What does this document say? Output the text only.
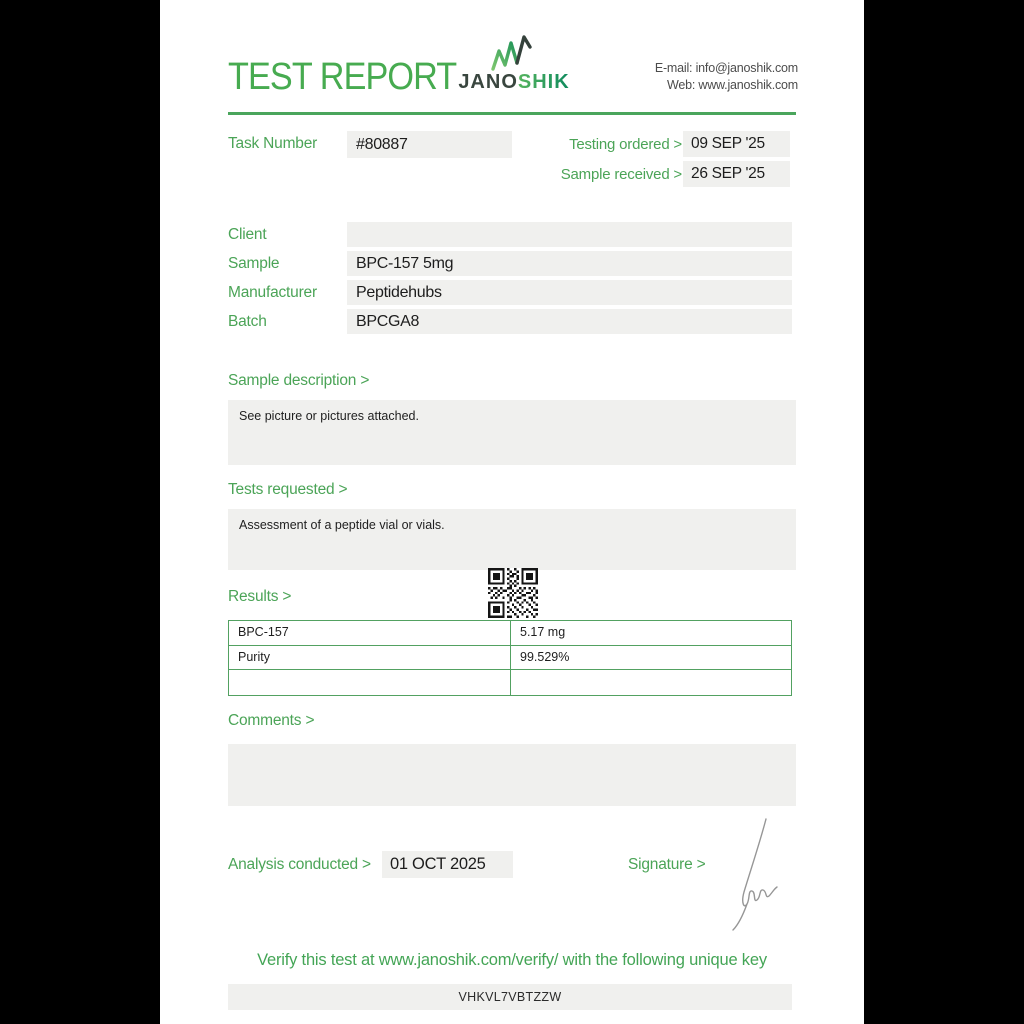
TEST REPORT JANOSHIK
E-mail: info@janoshik.com
Web: www.janoshik.com
Task Number	#80887	Testing ordered > 09 SEP '25
Sample received > 26 SEP '25
Client
Sample	BPC-157 5mg
Manufacturer	Peptidehubs
Batch	BPCGA8
Sample description >
See picture or pictures attached.
Tests requested >
Assessment of a peptide vial or vials.
Results >
BPC-157	5.17 mg
Purity	99.529%
Comments >
Analysis conducted >	01 OCT 2025	Signature >
Verify this test at www.janoshik.com/verify/ with the following unique key
VHKVL7VBTZZW
